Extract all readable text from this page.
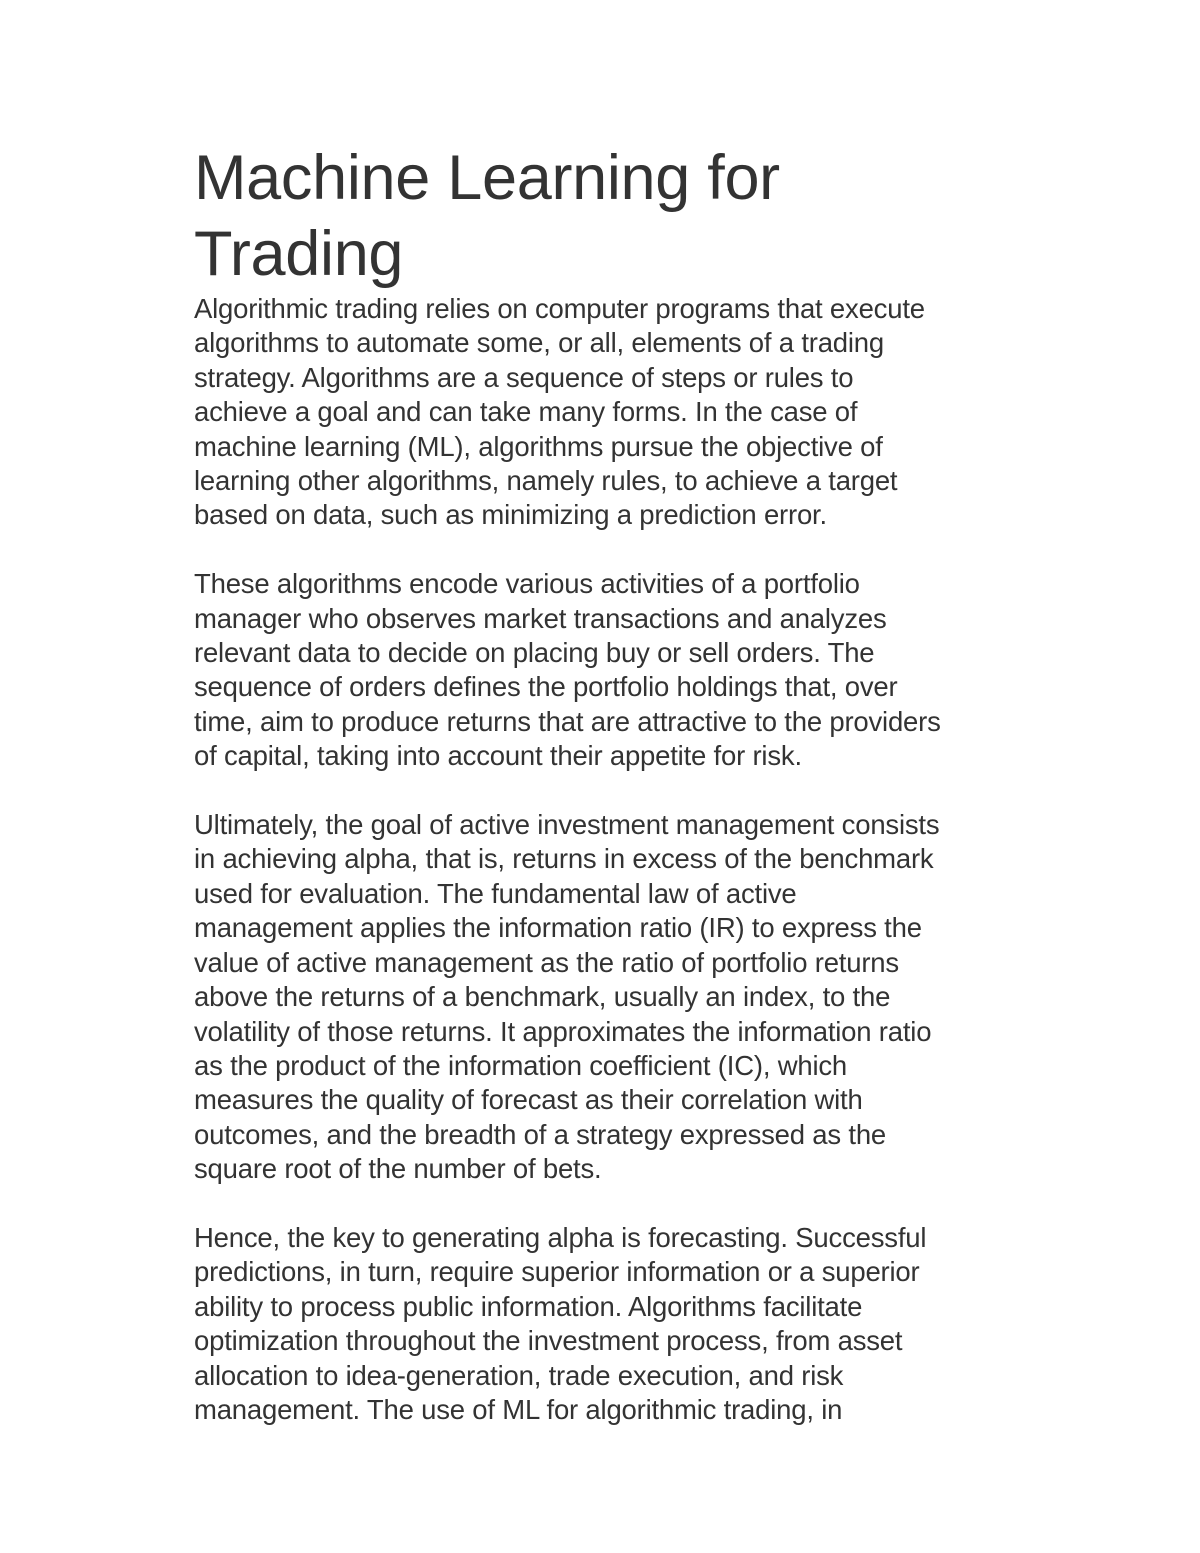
Machine Learning for
Trading

Algorithmic trading relies on computer programs that execute
algorithms to automate some, or all, elements of a trading
strategy. Algorithms are a sequence of steps or rules to
achieve a goal and can take many forms. In the case of
machine learning (ML), algorithms pursue the objective of
learning other algorithms, namely rules, to achieve a target
based on data, such as minimizing a prediction error.

These algorithms encode various activities of a portfolio
manager who observes market transactions and analyzes
relevant data to decide on placing buy or sell orders. The
sequence of orders defines the portfolio holdings that, over
time, aim to produce returns that are attractive to the providers
of capital, taking into account their appetite for risk.

Ultimately, the goal of active investment management consists
in achieving alpha, that is, returns in excess of the benchmark
used for evaluation. The fundamental law of active
management applies the information ratio (IR) to express the
value of active management as the ratio of portfolio returns
above the returns of a benchmark, usually an index, to the
volatility of those returns. It approximates the information ratio
as the product of the information coefficient (IC), which
measures the quality of forecast as their correlation with
outcomes, and the breadth of a strategy expressed as the
square root of the number of bets.

Hence, the key to generating alpha is forecasting. Successful
predictions, in turn, require superior information or a superior
ability to process public information. Algorithms facilitate
optimization throughout the investment process, from asset
allocation to idea-generation, trade execution, and risk
management. The use of ML for algorithmic trading, in
